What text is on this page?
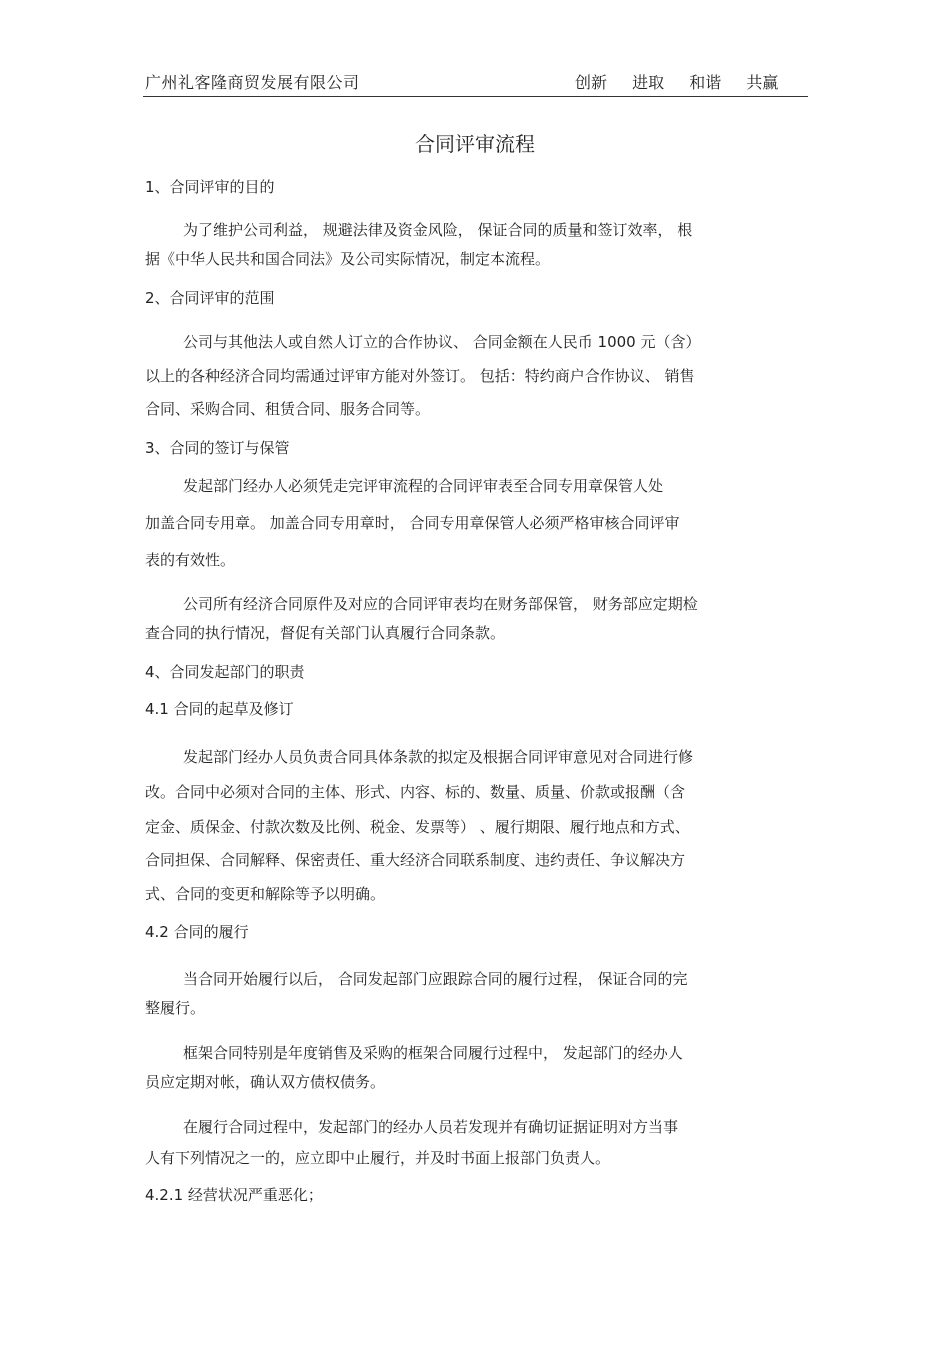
广州礼客隆商贸发展有限公司	创新 进取 和谐 共赢
合同评审流程
1、合同评审的目的
为了维护公司利益， 规避法律及资金风险， 保证合同的质量和签订效率， 根
据《中华人民共和国合同法》及公司实际情况，制定本流程。
2、合同评审的范围
公司与其他法人或自然人订立的合作协议、 合同金额在人民币 1000 元（含）
以上的各种经济合同均需通过评审方能对外签订。 包括：特约商户合作协议、 销售
合同、采购合同、租赁合同、服务合同等。
3、合同的签订与保管
发起部门经办人必须凭走完评审流程的合同评审表至合同专用章保管人处
加盖合同专用章。 加盖合同专用章时， 合同专用章保管人必须严格审核合同评审
表的有效性。
公司所有经济合同原件及对应的合同评审表均在财务部保管， 财务部应定期检
查合同的执行情况，督促有关部门认真履行合同条款。
4、合同发起部门的职责
4.1 合同的起草及修订
发起部门经办人员负责合同具体条款的拟定及根据合同评审意见对合同进行修
改。合同中必须对合同的主体、形式、内容、标的、数量、质量、价款或报酬（含
定金、质保金、付款次数及比例、税金、发票等） 、履行期限、履行地点和方式、
合同担保、合同解释、保密责任、重大经济合同联系制度、违约责任、争议解决方
式、合同的变更和解除等予以明确。
4.2 合同的履行
当合同开始履行以后， 合同发起部门应跟踪合同的履行过程， 保证合同的完
整履行。
框架合同特别是年度销售及采购的框架合同履行过程中， 发起部门的经办人
员应定期对帐，确认双方债权债务。
在履行合同过程中，发起部门的经办人员若发现并有确切证据证明对方当事
人有下列情况之一的，应立即中止履行，并及时书面上报部门负责人。
4.2.1 经营状况严重恶化；
